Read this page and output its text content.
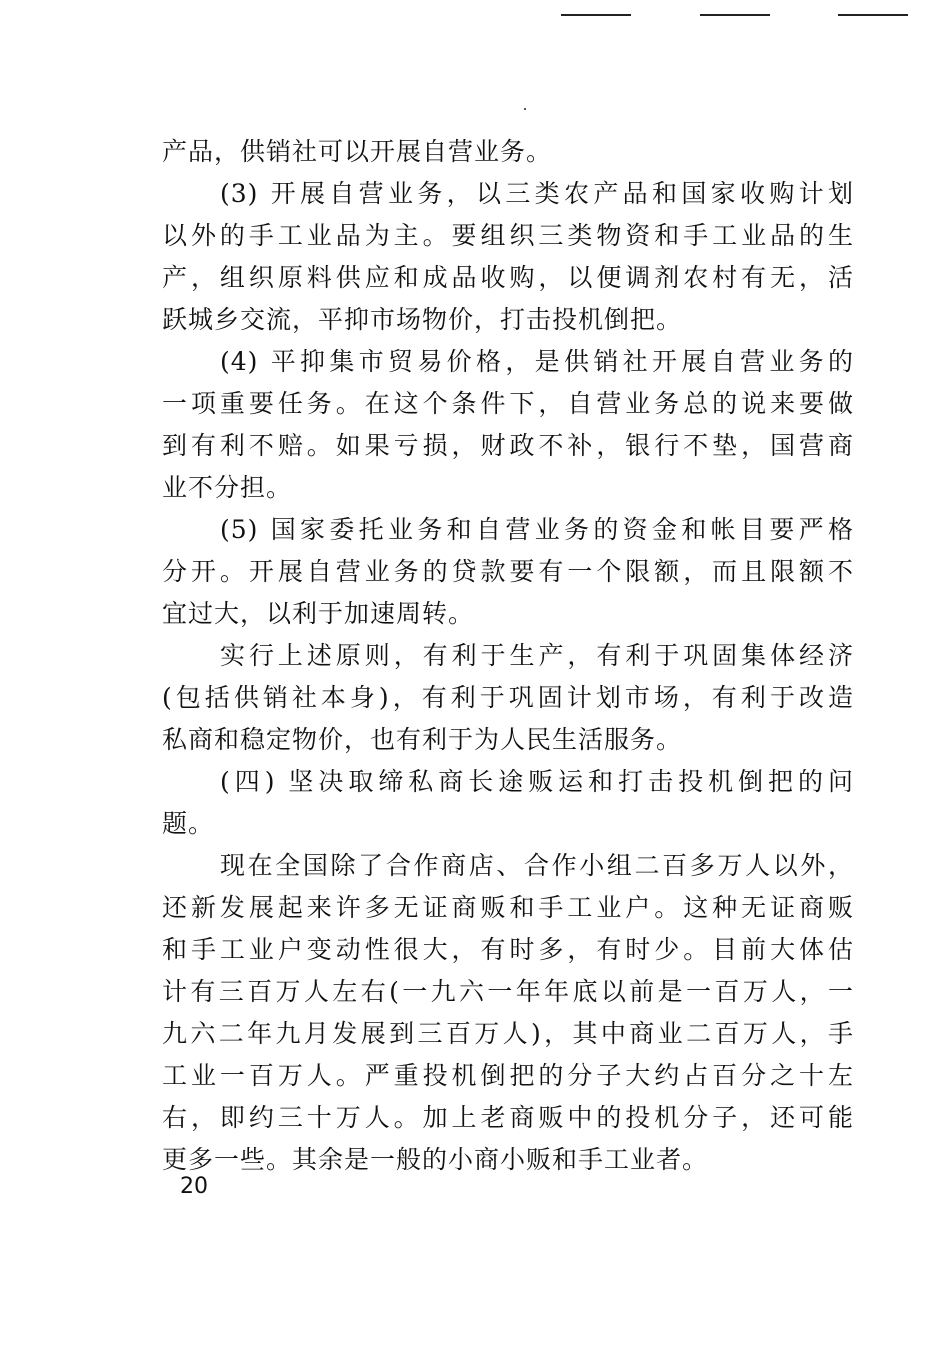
产品，供销社可以开展自营业务。
(3) 开展自营业务，以三类农产品和国家收购计划
以外的手工业品为主。要组织三类物资和手工业品的生
产，组织原料供应和成品收购，以便调剂农村有无，活
跃城乡交流，平抑市场物价，打击投机倒把。
(4) 平抑集市贸易价格，是供销社开展自营业务的
一项重要任务。在这个条件下，自营业务总的说来要做
到有利不赔。如果亏损，财政不补，银行不垫，国营商
业不分担。
(5) 国家委托业务和自营业务的资金和帐目要严格
分开。开展自营业务的贷款要有一个限额，而且限额不
宜过大，以利于加速周转。
实行上述原则，有利于生产，有利于巩固集体经济
(包括供销社本身)，有利于巩固计划市场，有利于改造
私商和稳定物价，也有利于为人民生活服务。
(四) 坚决取缔私商长途贩运和打击投机倒把的问
题。
现在全国除了合作商店、合作小组二百多万人以外，
还新发展起来许多无证商贩和手工业户。这种无证商贩
和手工业户变动性很大，有时多，有时少。目前大体估
计有三百万人左右(一九六一年年底以前是一百万人，一
九六二年九月发展到三百万人)，其中商业二百万人，手
工业一百万人。严重投机倒把的分子大约占百分之十左
右，即约三十万人。加上老商贩中的投机分子，还可能
更多一些。其余是一般的小商小贩和手工业者。
20
